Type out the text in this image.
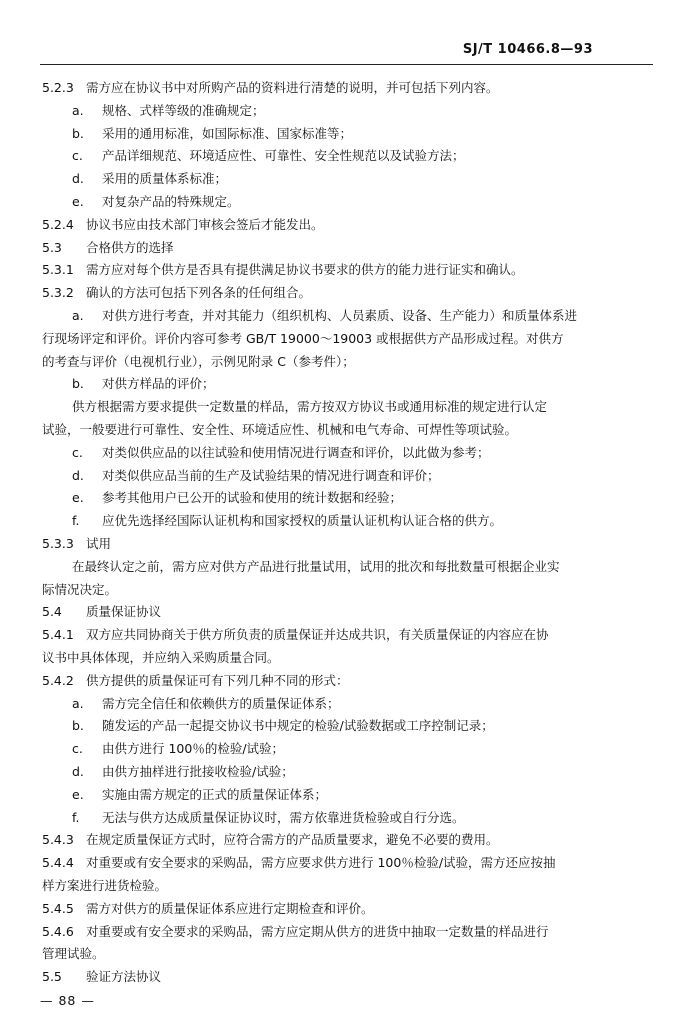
SJ/T 10466.8—93
5.2.3 需方应在协议书中对所购产品的资料进行清楚的说明，并可包括下列内容。
a. 规格、式样等级的准确规定；
b. 采用的通用标准，如国际标准、国家标准等；
c. 产品详细规范、环境适应性、可靠性、安全性规范以及试验方法；
d. 采用的质量体系标准；
e. 对复杂产品的特殊规定。
5.2.4 协议书应由技术部门审核会签后才能发出。
5.3 合格供方的选择
5.3.1 需方应对每个供方是否具有提供满足协议书要求的供方的能力进行证实和确认。
5.3.2 确认的方法可包括下列各条的任何组合。
a. 对供方进行考查，并对其能力（组织机构、人员素质、设备、生产能力）和质量体系进
行现场评定和评价。评价内容可参考 GB/T 19000～19003 或根据供方产品形成过程。对供方
的考查与评价（电视机行业），示例见附录 C（参考件）；
b. 对供方样品的评价；
供方根据需方要求提供一定数量的样品，需方按双方协议书或通用标准的规定进行认定
试验，一般要进行可靠性、安全性、环境适应性、机械和电气寿命、可焊性等项试验。
c. 对类似供应品的以往试验和使用情况进行调查和评价，以此做为参考；
d. 对类似供应品当前的生产及试验结果的情况进行调查和评价；
e. 参考其他用户已公开的试验和使用的统计数据和经验；
f. 应优先选择经国际认证机构和国家授权的质量认证机构认证合格的供方。
5.3.3 试用
在最终认定之前，需方应对供方产品进行批量试用，试用的批次和每批数量可根据企业实
际情况决定。
5.4 质量保证协议
5.4.1 双方应共同协商关于供方所负责的质量保证并达成共识，有关质量保证的内容应在协
议书中具体体现，并应纳入采购质量合同。
5.4.2 供方提供的质量保证可有下列几种不同的形式：
a. 需方完全信任和依赖供方的质量保证体系；
b. 随发运的产品一起提交协议书中规定的检验/试验数据或工序控制记录；
c. 由供方进行 100％的检验/试验；
d. 由供方抽样进行批接收检验/试验；
e. 实施由需方规定的正式的质量保证体系；
f. 无法与供方达成质量保证协议时，需方依靠进货检验或自行分选。
5.4.3 在规定质量保证方式时，应符合需方的产品质量要求，避免不必要的费用。
5.4.4 对重要或有安全要求的采购品，需方应要求供方进行 100％检验/试验，需方还应按抽
样方案进行进货检验。
5.4.5 需方对供方的质量保证体系应进行定期检查和评价。
5.4.6 对重要或有安全要求的采购品，需方应定期从供方的进货中抽取一定数量的样品进行
管理试验。
5.5 验证方法协议
— 88 —
